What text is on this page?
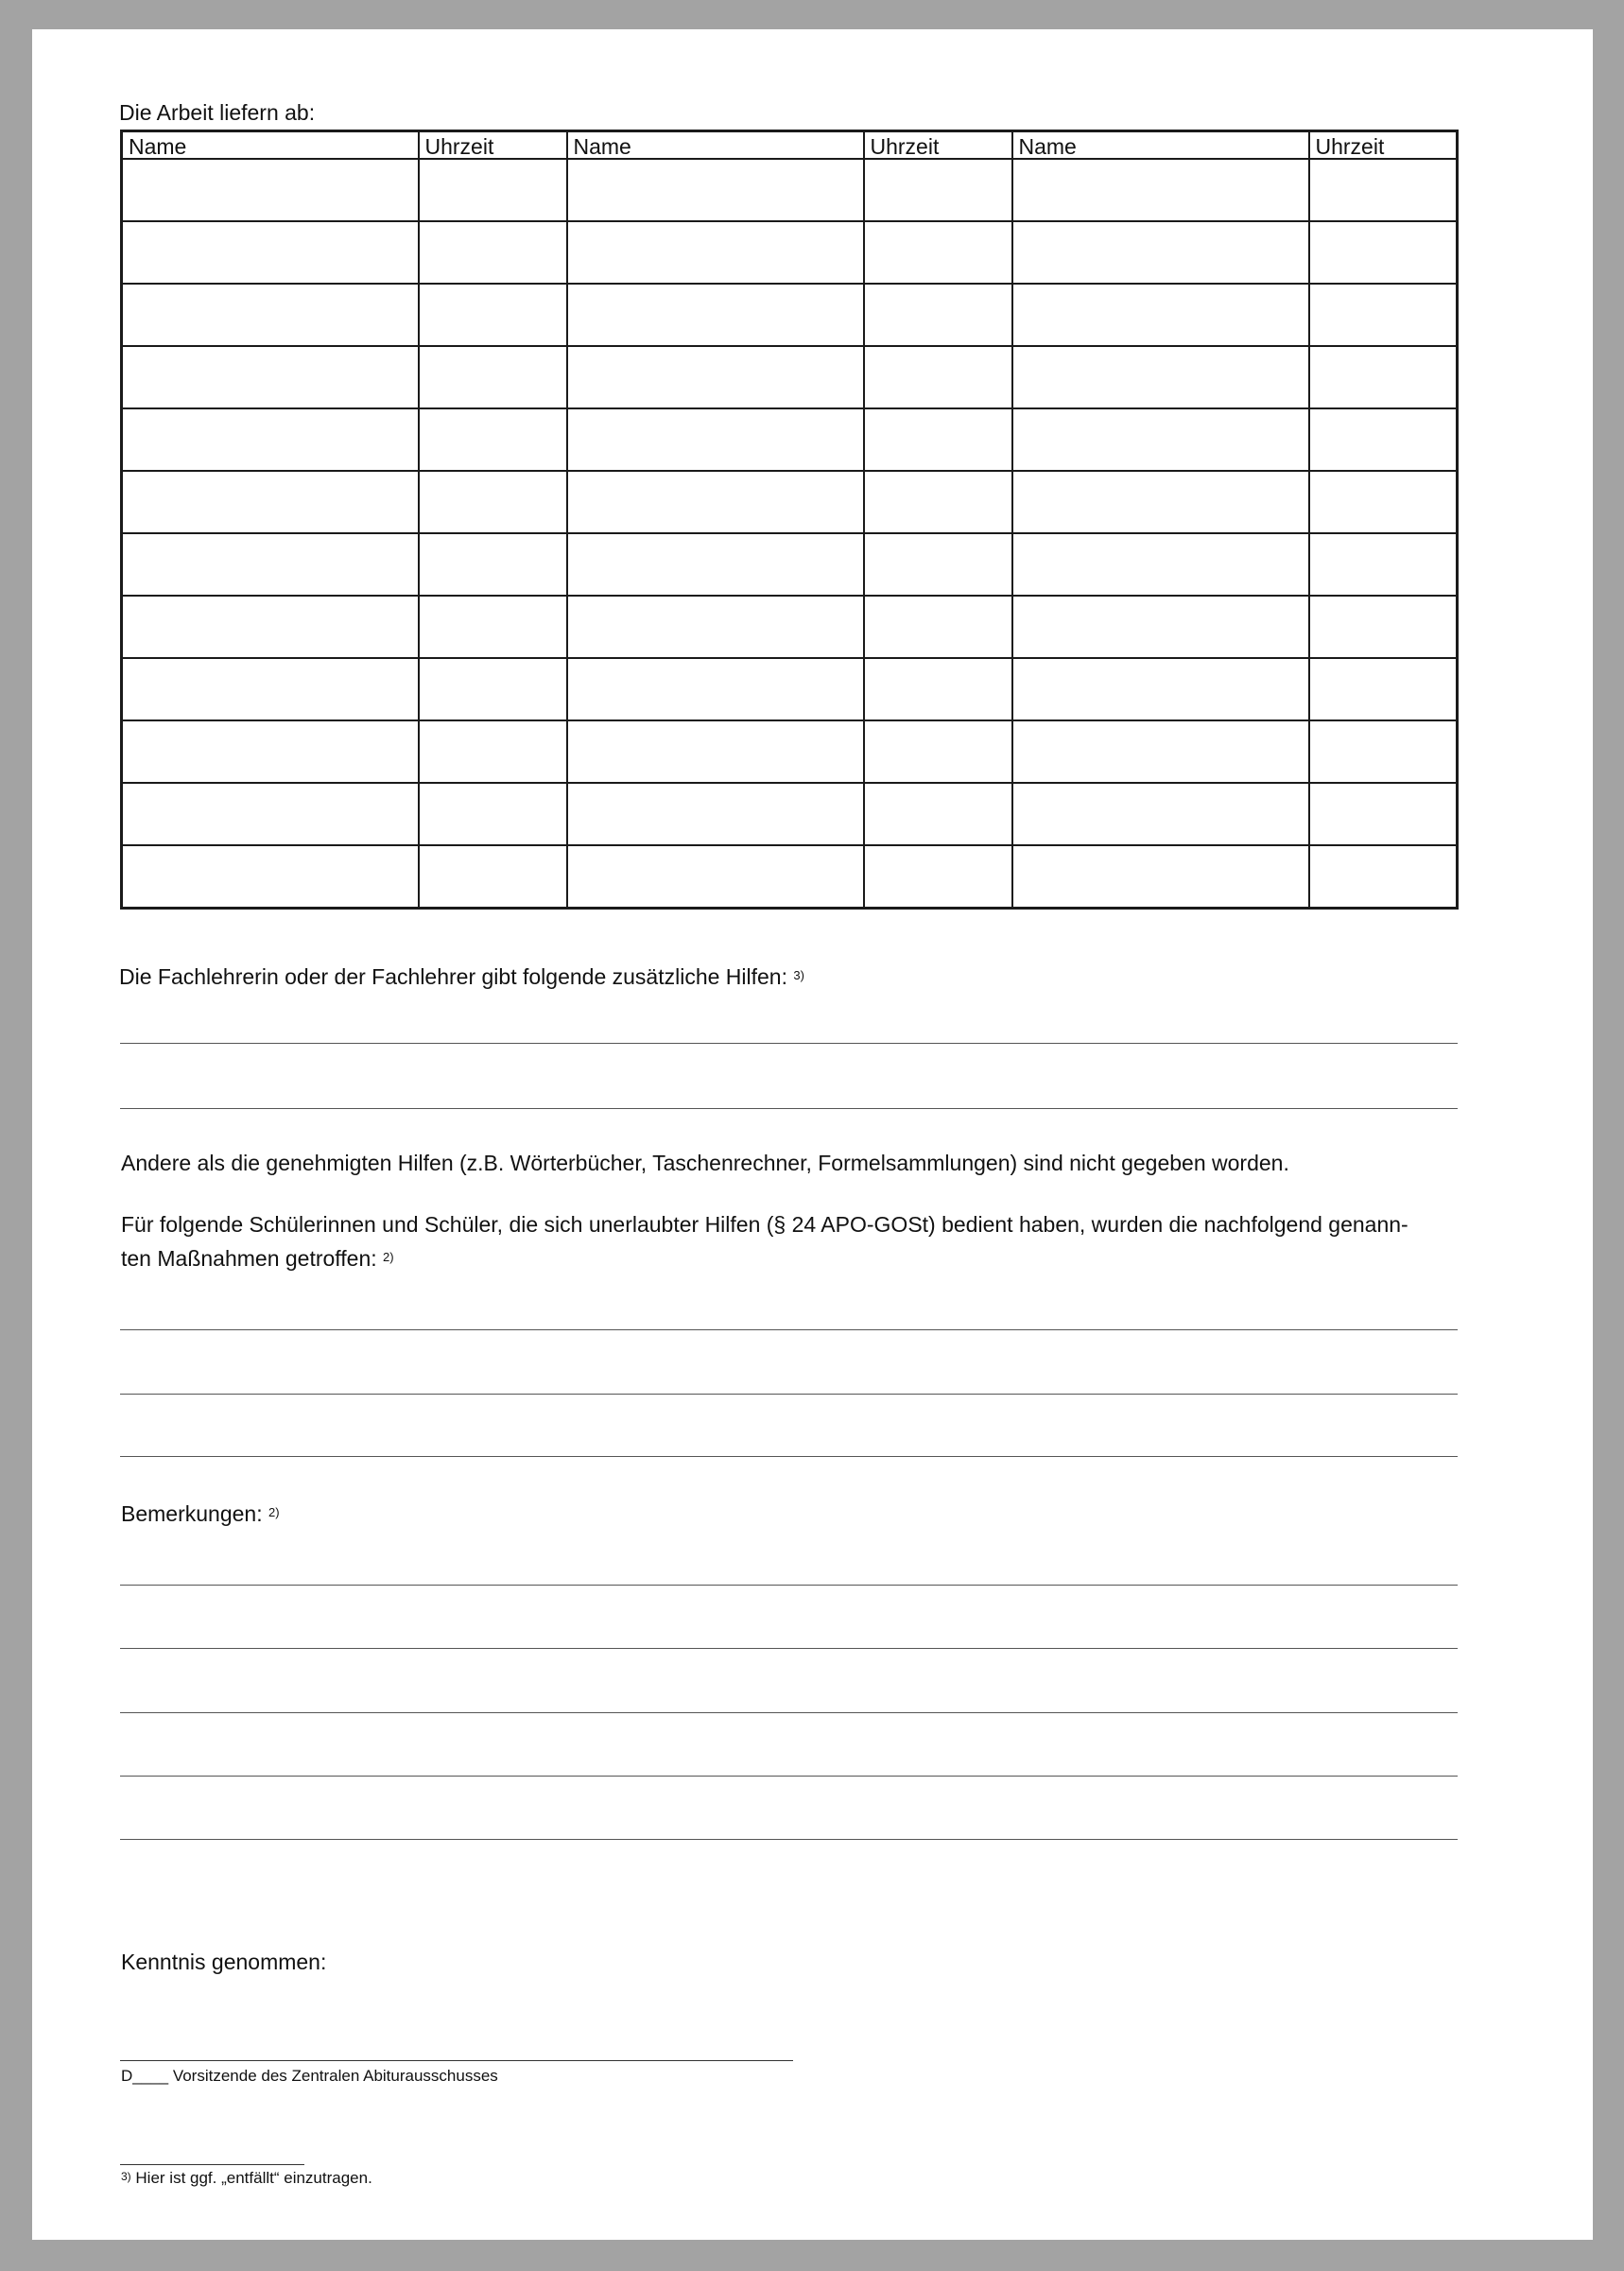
Die Arbeit liefern ab:
Name	Uhrzeit	Name	Uhrzeit	Name	Uhrzeit

Die Fachlehrerin oder der Fachlehrer gibt folgende zusätzliche Hilfen: $^{3)}$
Andere als die genehmigten Hilfen (z.B. Wörterbücher, Taschenrechner, Formelsammlungen) sind nicht gegeben worden.
Für folgende Schülerinnen und Schüler, die sich unerlaubter Hilfen (§ 24 APO-GOSt) bedient haben, wurden die nachfolgend genann-
ten Maßnahmen getroffen: $^{2)}$
Bemerkungen: $^{2)}$
Kenntnis genommen:
D____ Vorsitzende des Zentralen Abiturausschusses
$^{3)}$ Hier ist ggf. „entfällt“ einzutragen.
